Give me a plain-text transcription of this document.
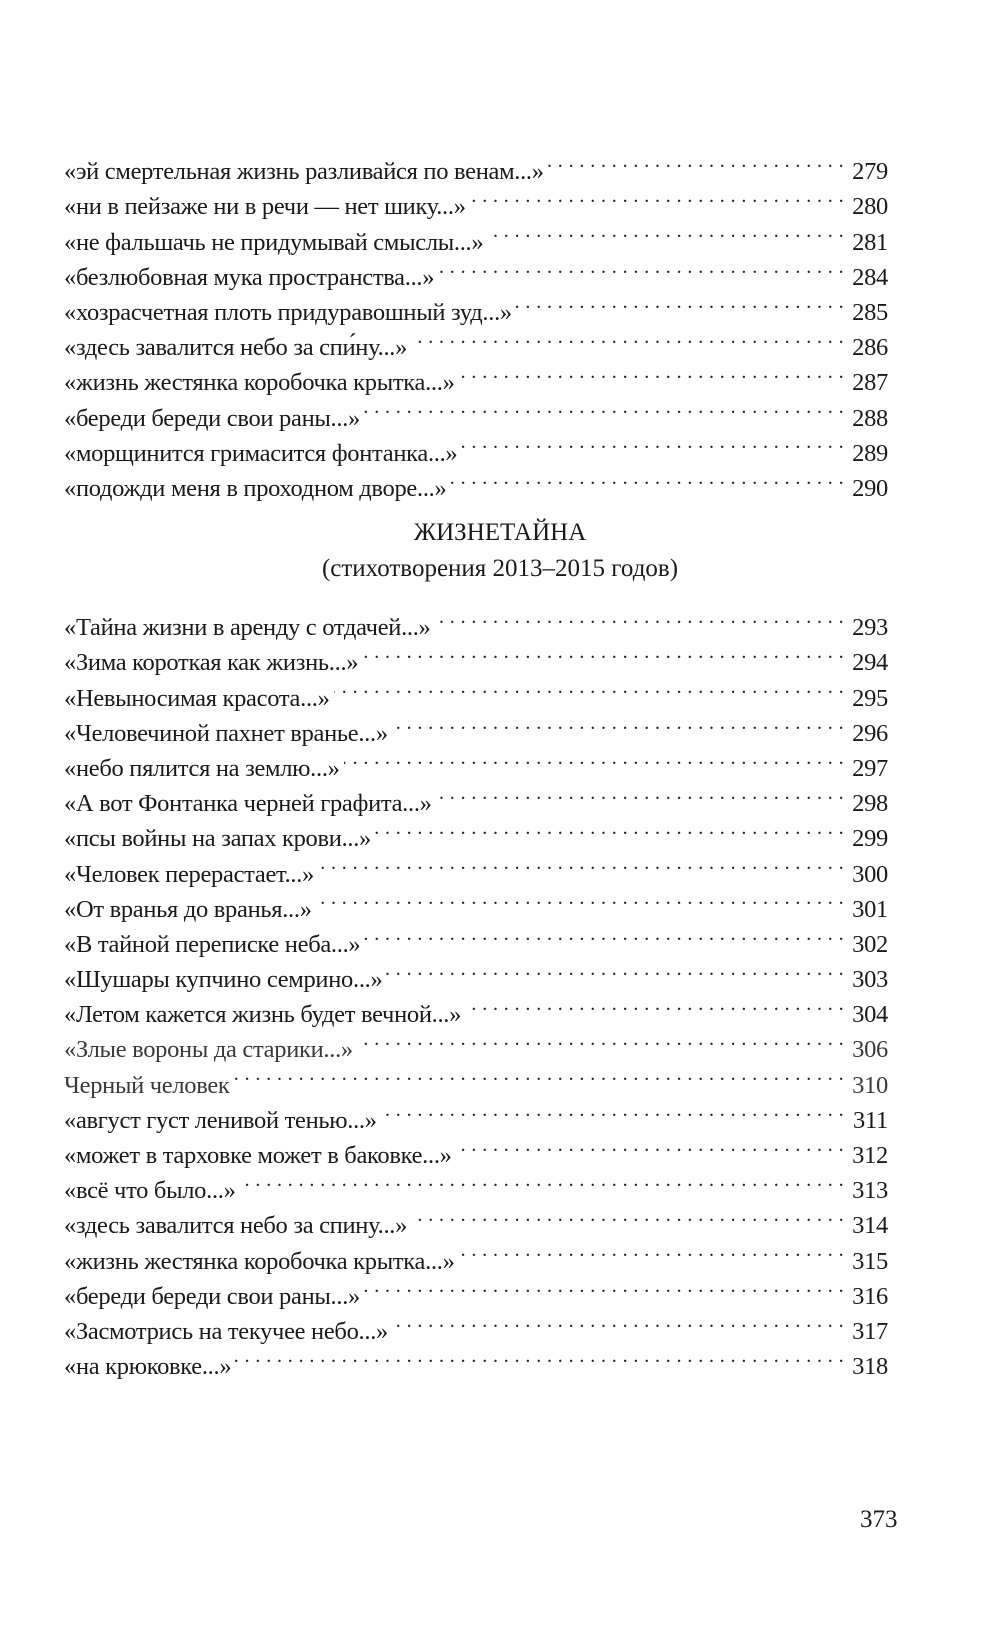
«эй смертельная жизнь разливайся по венам...» . . .	279
«ни в пейзаже ни в речи — нет шику...» . . .	280
«не фальшачь не придумывай смыслы...» . . .	281
«безлюбовная мука пространства...» . . .	284
«хозрасчетная плоть придуравошный зуд...» . . .	285
«здесь завалится небо за спи́ну...» . . .	286
«жизнь жестянка коробочка крытка...» . . .	287
«береди береди свои раны...» . . .	288
«морщинится гримасится фонтанка...» . . .	289
«подожди меня в проходном дворе...» . . .	290
ЖИЗНЕТАЙНА
(стихотворения 2013–2015 годов)
«Тайна жизни в аренду с отдачей...» . . .	293
«Зима короткая как жизнь...» . . .	294
«Невыносимая красота...» . . .	295
«Человечиной пахнет вранье...» . . .	296
«небо пялится на землю...» . . .	297
«А вот Фонтанка черней графита...» . . .	298
«псы войны на запах крови...» . . .	299
«Человек перерастает...» . . .	300
«От вранья до вранья...» . . .	301
«В тайной переписке неба...» . . .	302
«Шушары купчино семрино...» . . .	303
«Летом кажется жизнь будет вечной...» . . .	304
«Злые вороны да старики...» . . .	306
Черный человек . . .	310
«август густ ленивой тенью...» . . .	311
«может в тарховке может в баковке...» . . .	312
«всё что было...» . . .	313
«здесь завалится небо за спину...» . . .	314
«жизнь жестянка коробочка крытка...» . . .	315
«береди береди свои раны...» . . .	316
«Засмотрись на текучее небо...» . . .	317
«на крюковке...» . . .	318
373
